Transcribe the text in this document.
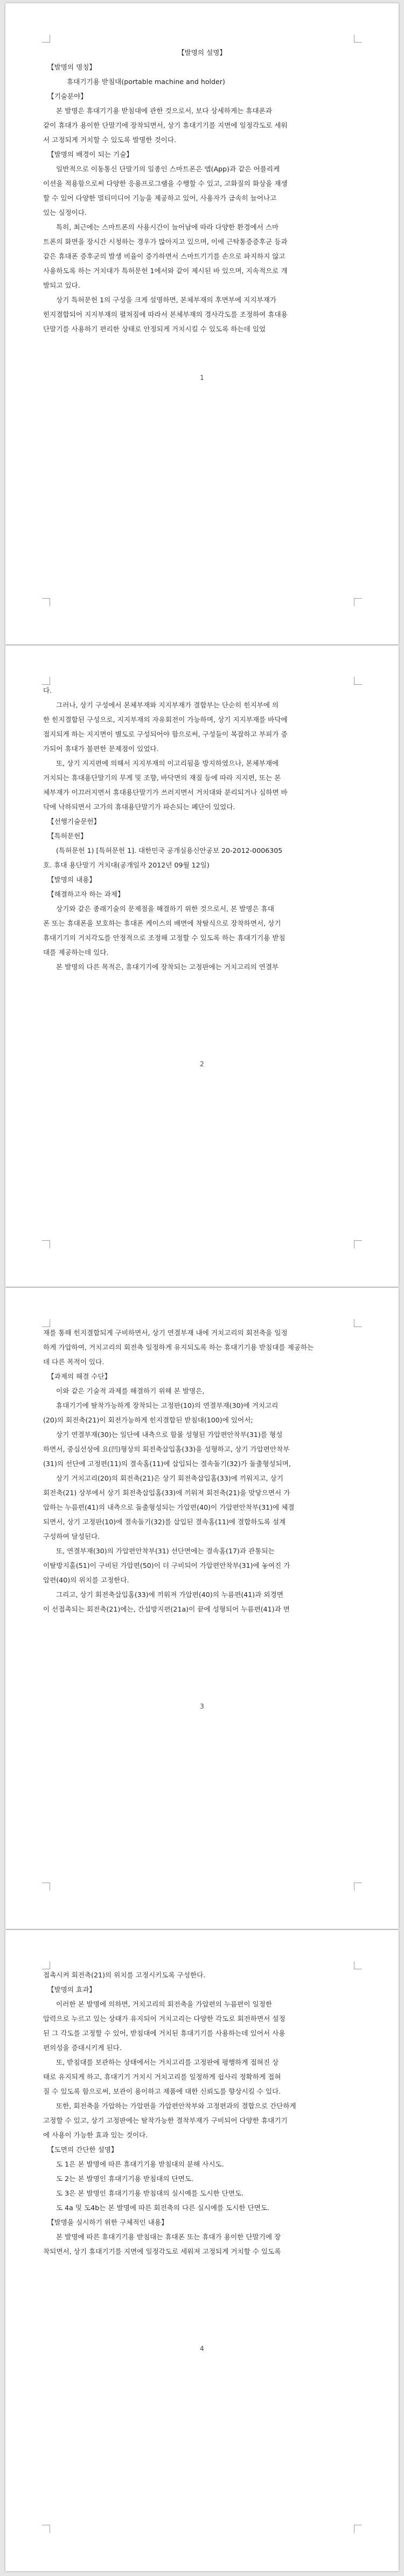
【발명의 설명】
【발명의 명칭】
휴대기기용 받침대(portable machine and holder)
【기술분야】
본 발명은 휴대기기용 받침대에 관한 것으로서, 보다 상세하게는 휴대폰과
같이 휴대가 용이한 단말기에 장착되면서, 상기 휴대기기를 지면에 일정각도로 세워
서 고정되게 거치할 수 있도록 발명한 것이다.
【발명의 배경이 되는 기술】
일반적으로 이동통신 단말기의 일종인 스마트폰은 앱(App)과 같은 어플리케
이션을 적용함으로써 다양한 응용프로그램을 수행할 수 있고, 고화질의 화상을 재생
할 수 있어 다양한 멀티미디어 기능을 제공하고 있어, 사용자가 급속히 늘어나고
있는 실정이다.
특히, 최근에는 스마트폰의 사용시간이 늘어남에 따라 다양한 환경에서 스마
트폰의 화면을 장시간 시청하는 경우가 많아지고 있으며, 이에 근탁통증증후군 등과
같은 휴대폰 증후군의 발생 비율이 증가하면서 스마트기기를 손으로 파지하지 않고
사용하도록 하는 거치대가 특허문헌 1에서와 같이 제시된 바 있으며, 지속적으로 개
발되고 있다.
상기 특허문헌 1의 구성을 크게 설명하면, 본체부재의 후면부에 지지부재가
힌지결합되어 지지부재의 펼쳐짐에 따라서 본체부재의 경사각도를 조정하여 휴대용
단말기를 사용하기 편리한 상태로 안정되게 거치시킬 수 있도록 하는데 있었
1
다.
그러나, 상기 구성에서 본체부재와 지지부재가 결합부는 단순히 힌지부에 의
한 힌지결합된 구성으로, 지지부재의 자유회전이 가능하며, 상기 지지부재를 바닥에
접지되게 하는 지지면이 별도로 구성되어야 함으로써, 구성들이 복잡하고 부피가 증
가되어 휴대가 불편한 문제점이 있었다.
또, 상기 지지편에 의해서 지지부재의 이고리됨을 방지하였으나, 본체부재에
거치되는 휴대용단말기의 무게 및 조향, 바닥면의 재질 등에 따라 지지편, 또는 본
체부재가 이끄러지면서 휴대용단말기가 쓰러지면서 거치대와 분리되거나 심하면 바
닥에 낙하되면서 고가의 휴대용단말기가 파손되는 폐단이 있었다.
【선행기술문헌】
【특허문헌】
(특허문헌 1) [특허문헌 1]. 대한민국 공개실용신안공보 20-2012-0006305
호. 휴대 용단말기 거치대(공개일자 2012년 09월 12일)
【발명의 내용】
【해결하고자 하는 과제】
상기와 같은 종래기술의 문제점을 해결하기 위한 것으로서, 본 발명은 휴대
폰 또는 휴대폰을 보호하는 휴대폰 케이스의 배면에 착탈식으로 장착하면서, 상기
휴대기기의 거치각도를 안정적으로 조정해 고정할 수 있도록 하는 휴대기기용 받침
대를 제공하는데 있다.
본 발명의 다른 목적은, 휴대기기에 장착되는 고정판에는 거치고리의 연결부
2
재를 통해 힌지결합되게 구비하면서, 상기 연결부재 내에 거치고리의 회전축을 일정
하게 가압하여, 거치고리의 회전축 일정하게 유지되도록 하는 휴대기기용 받침대를 제공하는
데 다른 목적이 있다.
【과제의 해결 수단】
이와 같은 기술적 과제를 해결하기 위해 본 발명은,
휴대기기에 탈착가능하게 장착되는 고정판(10)의 연결부재(30)에 거치고리
(20)의 회전축(21)이 회전가능하게 힌지결합된 받침대(100)에 있어서;
상기 연결부재(30)는 일단에 내측으로 함몰 성형된 가압편안착부(31)를 형성
하면서, 중심선상에 요(凹)형상의 회전축삽입홈(33)을 성형하고, 상기 가압편안착부
(31)의 선단에 고정편(11)의 결속홈(11)에 삽입되는 결속돌기(32)가 돌출형성되며,
상기 거치고리(20)의 회전축(21)은 상기 회전축삽입홈(33)에 끼워지고, 상기
회전축(21) 상부에서 상기 회전축삽입홈(33)에 끼워져 회전축(21)을 맞닿으면서 가
압하는 누름편(41)의 내측으로 돌출형성되는 가압편(40)이 가압편안착부(31)에 체결
되면서, 상기 고정판(10)에 결속돌기(32)를 삽입된 결속홈(11)에 결합하도록 설계
구성하여 달성된다.
또, 연결부재(30)의 가압편안착부(31) 선단면에는 결속홈(17)과 관통되는
이탈방지홀(51)이 구비된 가압편(50)이 더 구비되어 가압편안착부(31)에 놓여진 가
압편(40)의 위치를 고정한다.
그리고, 상기 회전축삽입홈(33)에 끼워져 가압편(40)의 누름편(41)과 외경면
이 선접촉되는 회전축(21)에는, 간섭방지편(21a)이 끝에 성형되어 누름편(41)과 면
3
접촉시켜 회전축(21)의 위치를 고정시키도록 구성한다.
【발명의 효과】
이러한 본 발명에 의하면, 거치고리의 회전축을 가압편의 누름편이 일정한
압력으로 누르고 있는 상태가 유지되어 거치고리는 다양한 각도로 회전하면서 설정
된 그 각도를 고정할 수 있어, 받침대에 거치된 휴대기기를 사용하는데 있어서 사용
편의성을 증대시키게 된다.
또, 받침대를 보관하는 상태에서는 거치고리를 고정판에 평행하게 접혀진 상
태로 유지되게 하고, 휴대기기 거치시 거치고리를 일정하게 쉽사리 정확하게 접혀
질 수 있도록 함으로써, 보관이 용이하고 제품에 대한 신뢰도를 향상시킬 수 있다.
또한, 회전축을 가압하는 가압편을 가압편안착부와 고정편과의 결합으로 간단하게
고정할 수 있고, 상기 고정판에는 탈착가능한 결착부재가 구비되어 다양한 휴대기기
에 사용이 가능한 효과 있는 것이다.
【도면의 간단한 설명】
도 1은 본 발명에 따른 휴대기기용 받침대의 분해 사시도.
도 2는 본 발명인 휴대기기용 받침대의 단면도.
도 3은 본 발명인 휴대기기용 받침대의 실시예를 도시한 단면도.
도 4a 및 도4b는 본 발명에 따른 회전축의 다른 실시예를 도시한 단면도.
【발명을 실시하기 위한 구체적인 내용】
본 발명에 따른 휴대기기용 받침대는 휴대폰 또는 휴대가 용이한 단말기에 장
착되면서, 상기 휴대기기를 지면에 일정각도로 세워져 고정되게 거치할 수 있도록
4
